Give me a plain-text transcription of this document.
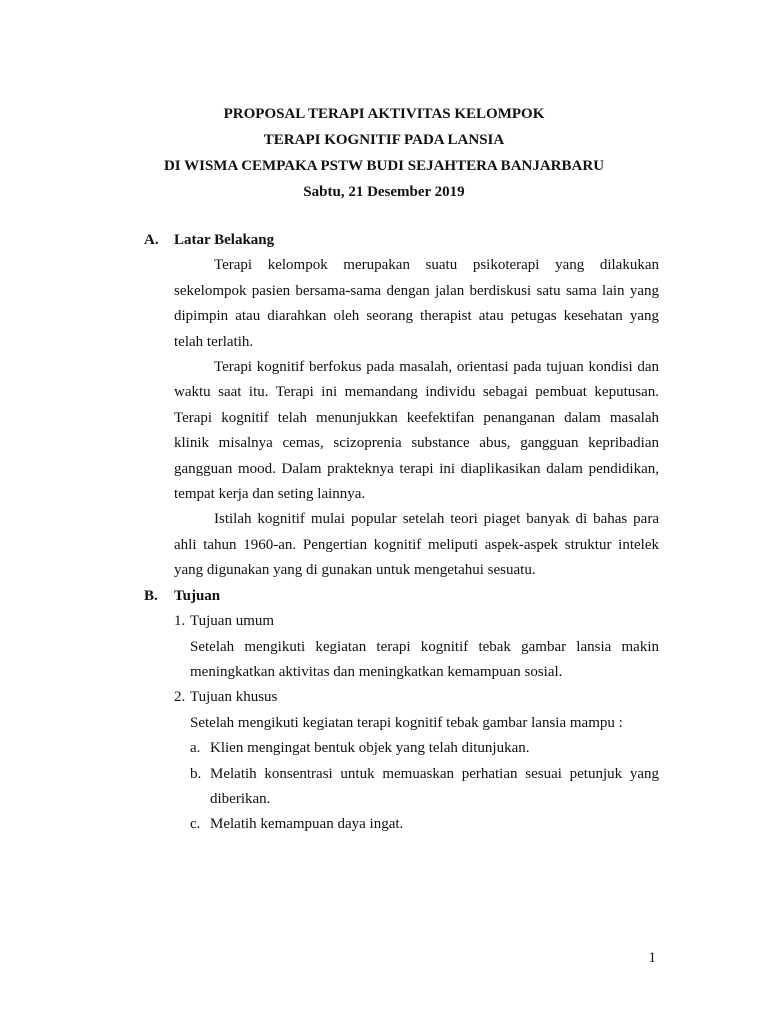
PROPOSAL TERAPI AKTIVITAS KELOMPOK
TERAPI KOGNITIF PADA LANSIA
DI WISMA CEMPAKA PSTW BUDI SEJAHTERA BANJARBARU
Sabtu, 21 Desember 2019
A.	Latar Belakang

Terapi kelompok merupakan suatu psikoterapi yang dilakukan sekelompok pasien bersama-sama dengan jalan berdiskusi satu sama lain yang dipimpin atau diarahkan oleh seorang therapist atau petugas kesehatan yang telah terlatih.

Terapi kognitif berfokus pada masalah, orientasi pada tujuan kondisi dan waktu saat itu. Terapi ini memandang individu sebagai pembuat keputusan. Terapi kognitif telah menunjukkan keefektifan penanganan dalam masalah klinik misalnya cemas, scizoprenia substance abus, gangguan kepribadian gangguan mood. Dalam prakteknya terapi ini diaplikasikan dalam pendidikan, tempat kerja dan seting lainnya.

Istilah kognitif mulai popular setelah teori piaget banyak di bahas para ahli tahun 1960-an. Pengertian kognitif meliputi aspek-aspek struktur intelek yang digunakan yang di gunakan untuk mengetahui sesuatu.

B.	Tujuan
1. Tujuan umum
Setelah mengikuti kegiatan terapi kognitif tebak gambar lansia makin meningkatkan aktivitas dan meningkatkan kemampuan sosial.
2. Tujuan khusus
Setelah mengikuti kegiatan terapi kognitif tebak gambar lansia mampu :
a. Klien mengingat bentuk objek yang telah ditunjukan.
b. Melatih konsentrasi untuk memuaskan perhatian sesuai petunjuk yang diberikan.
c. Melatih kemampuan daya ingat.
1
